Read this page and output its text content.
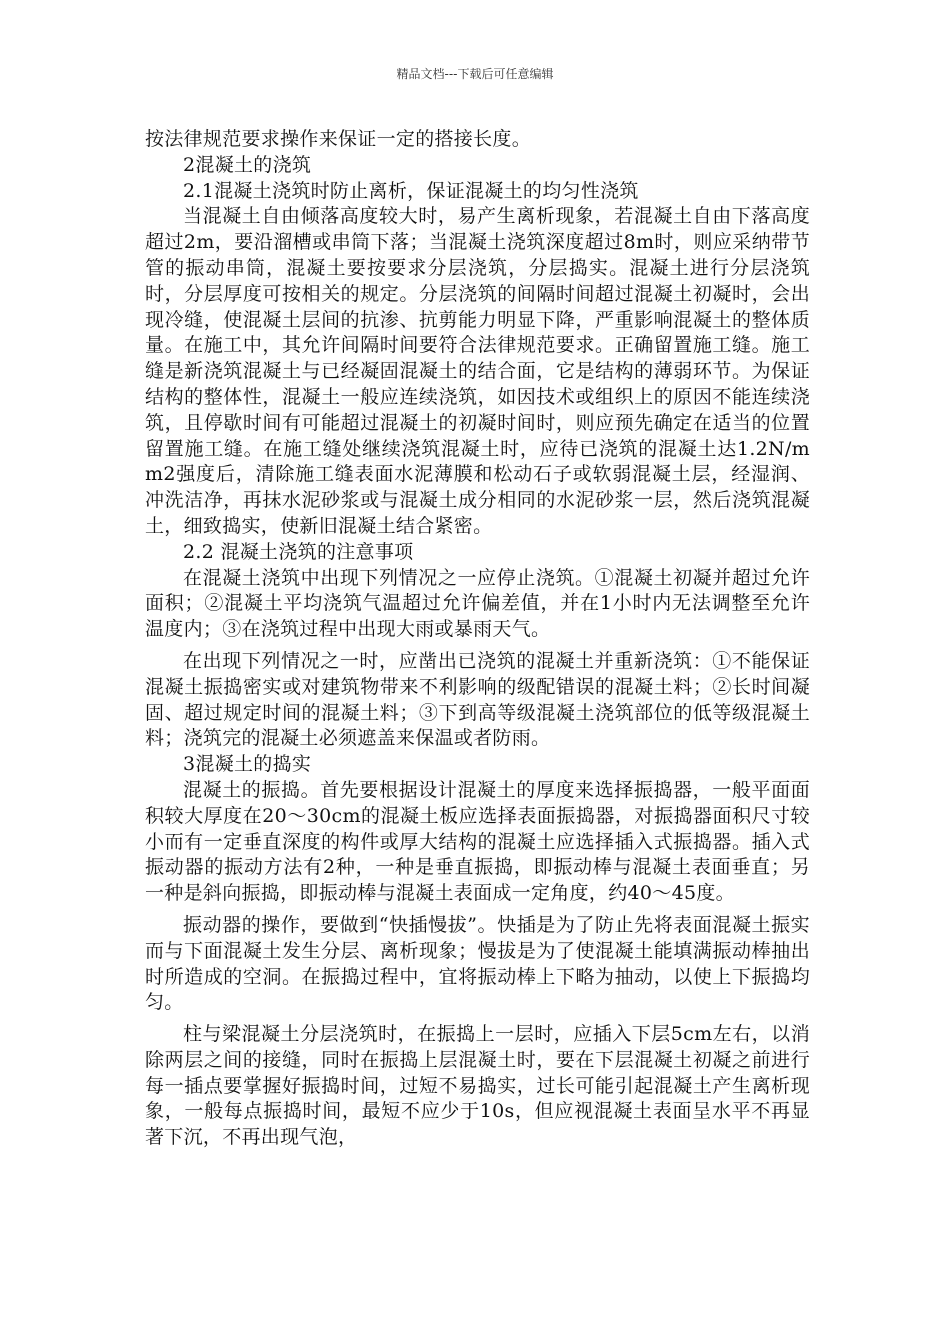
精品文档---下载后可任意编辑

按法律规范要求操作来保证一定的搭接长度。

2混凝土的浇筑

2.1混凝土浇筑时防止离析，保证混凝土的均匀性浇筑

当混凝土自由倾落高度较大时，易产生离析现象，若混凝土自由下落高度超过2m，要沿溜槽或串筒下落；当混凝土浇筑深度超过8m时，则应采纳带节管的振动串筒，混凝土要按要求分层浇筑，分层捣实。混凝土进行分层浇筑时，分层厚度可按相关的规定。分层浇筑的间隔时间超过混凝土初凝时，会出现冷缝，使混凝土层间的抗渗、抗剪能力明显下降，严重影响混凝土的整体质量。在施工中，其允许间隔时间要符合法律规范要求。正确留置施工缝。施工缝是新浇筑混凝土与已经凝固混凝土的结合面，它是结构的薄弱环节。为保证结构的整体性，混凝土一般应连续浇筑，如因技术或组织上的原因不能连续浇筑，且停歇时间有可能超过混凝土的初凝时间时，则应预先确定在适当的位置留置施工缝。在施工缝处继续浇筑混凝土时，应待已浇筑的混凝土达1.2N/mm2强度后，清除施工缝表面水泥薄膜和松动石子或软弱混凝土层，经湿润、冲洗洁净，再抹水泥砂浆或与混凝土成分相同的水泥砂浆一层，然后浇筑混凝土，细致捣实，使新旧混凝土结合紧密。

2.2 混凝土浇筑的注意事项

在混凝土浇筑中出现下列情况之一应停止浇筑。①混凝土初凝并超过允许面积；②混凝土平均浇筑气温超过允许偏差值，并在1小时内无法调整至允许温度内；③在浇筑过程中出现大雨或暴雨天气。

在出现下列情况之一时，应凿出已浇筑的混凝土并重新浇筑：①不能保证混凝土振捣密实或对建筑物带来不利影响的级配错误的混凝土料；②长时间凝固、超过规定时间的混凝土料；③下到高等级混凝土浇筑部位的低等级混凝土料；浇筑完的混凝土必须遮盖来保温或者防雨。

3混凝土的捣实

混凝土的振捣。首先要根据设计混凝土的厚度来选择振捣器，一般平面面积较大厚度在20～30cm的混凝土板应选择表面振捣器，对振捣器面积尺寸较小而有一定垂直深度的构件或厚大结构的混凝土应选择插入式振捣器。插入式振动器的振动方法有2种，一种是垂直振捣，即振动棒与混凝土表面垂直；另一种是斜向振捣，即振动棒与混凝土表面成一定角度，约40～45度。

振动器的操作，要做到“快插慢拔”。快插是为了防止先将表面混凝土振实而与下面混凝土发生分层、离析现象；慢拔是为了使混凝土能填满振动棒抽出时所造成的空洞。在振捣过程中，宜将振动棒上下略为抽动，以使上下振捣均匀。

柱与梁混凝土分层浇筑时，在振捣上一层时，应插入下层5cm左右，以消除两层之间的接缝，同时在振捣上层混凝土时，要在下层混凝土初凝之前进行每一插点要掌握好振捣时间，过短不易捣实，过长可能引起混凝土产生离析现象，一般每点振捣时间，最短不应少于10s，但应视混凝土表面呈水平不再显著下沉，不再出现气泡，
